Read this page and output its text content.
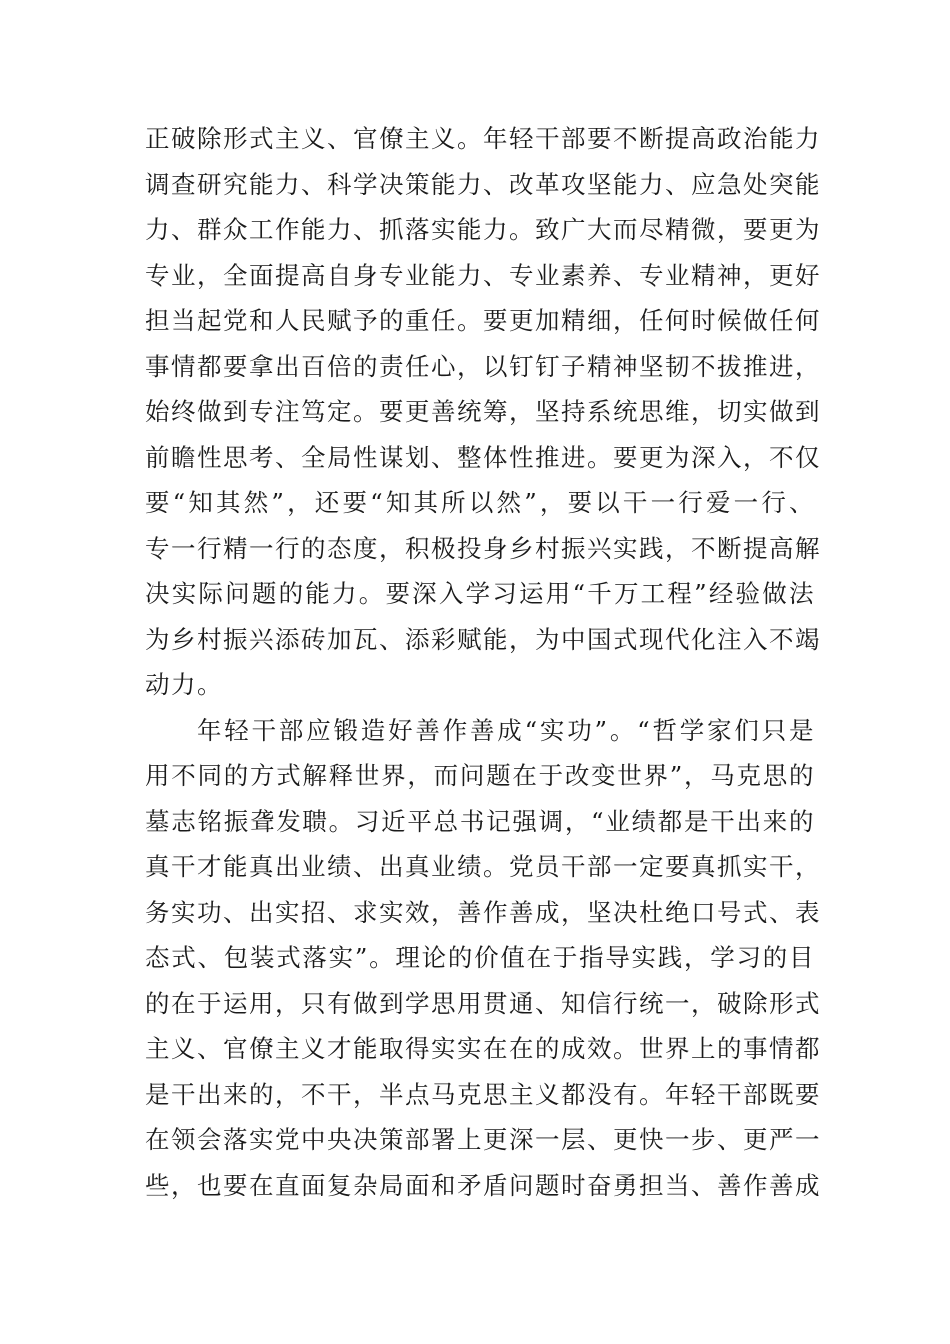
正破除形式主义、官僚主义。年轻干部要不断提高政治能力
调查研究能力、科学决策能力、改革攻坚能力、应急处突能
力、群众工作能力、抓落实能力。致广大而尽精微，要更为
专业，全面提高自身专业能力、专业素养、专业精神，更好
担当起党和人民赋予的重任。要更加精细，任何时候做任何
事情都要拿出百倍的责任心，以钉钉子精神坚韧不拔推进，
始终做到专注笃定。要更善统筹，坚持系统思维，切实做到
前瞻性思考、全局性谋划、整体性推进。要更为深入，不仅
要“知其然”，还要“知其所以然”，要以干一行爱一行、
专一行精一行的态度，积极投身乡村振兴实践，不断提高解
决实际问题的能力。要深入学习运用“千万工程”经验做法
为乡村振兴添砖加瓦、添彩赋能，为中国式现代化注入不竭
动力。
年轻干部应锻造好善作善成“实功”。“哲学家们只是
用不同的方式解释世界，而问题在于改变世界”，马克思的
墓志铭振聋发聩。习近平总书记强调，“业绩都是干出来的
真干才能真出业绩、出真业绩。党员干部一定要真抓实干，
务实功、出实招、求实效，善作善成，坚决杜绝口号式、表
态式、包装式落实”。理论的价值在于指导实践，学习的目
的在于运用，只有做到学思用贯通、知信行统一，破除形式
主义、官僚主义才能取得实实在在的成效。世界上的事情都
是干出来的，不干，半点马克思主义都没有。年轻干部既要
在领会落实党中央决策部署上更深一层、更快一步、更严一
些，也要在直面复杂局面和矛盾问题时奋勇担当、善作善成
